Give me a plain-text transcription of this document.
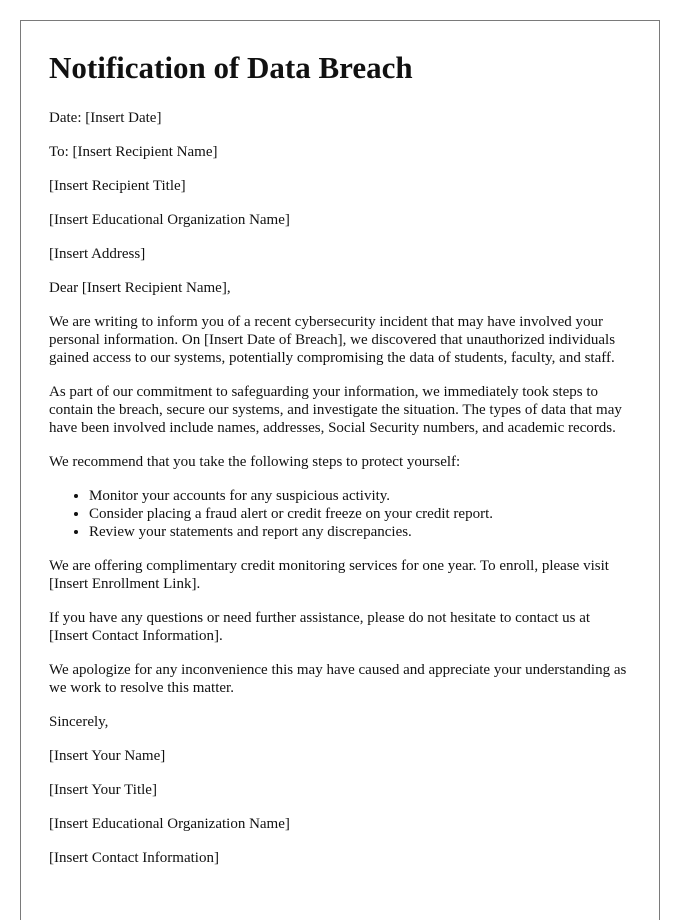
Notification of Data Breach

Date: [Insert Date]

To: [Insert Recipient Name]

[Insert Recipient Title]

[Insert Educational Organization Name]

[Insert Address]

Dear [Insert Recipient Name],

We are writing to inform you of a recent cybersecurity incident that may have involved your personal information. On [Insert Date of Breach], we discovered that unauthorized individuals gained access to our systems, potentially compromising the data of students, faculty, and staff.

As part of our commitment to safeguarding your information, we immediately took steps to contain the breach, secure our systems, and investigate the situation. The types of data that may have been involved include names, addresses, Social Security numbers, and academic records.

We recommend that you take the following steps to protect yourself:

• Monitor your accounts for any suspicious activity.
• Consider placing a fraud alert or credit freeze on your credit report.
• Review your statements and report any discrepancies.

We are offering complimentary credit monitoring services for one year. To enroll, please visit [Insert Enrollment Link].

If you have any questions or need further assistance, please do not hesitate to contact us at [Insert Contact Information].

We apologize for any inconvenience this may have caused and appreciate your understanding as we work to resolve this matter.

Sincerely,

[Insert Your Name]

[Insert Your Title]

[Insert Educational Organization Name]

[Insert Contact Information]
